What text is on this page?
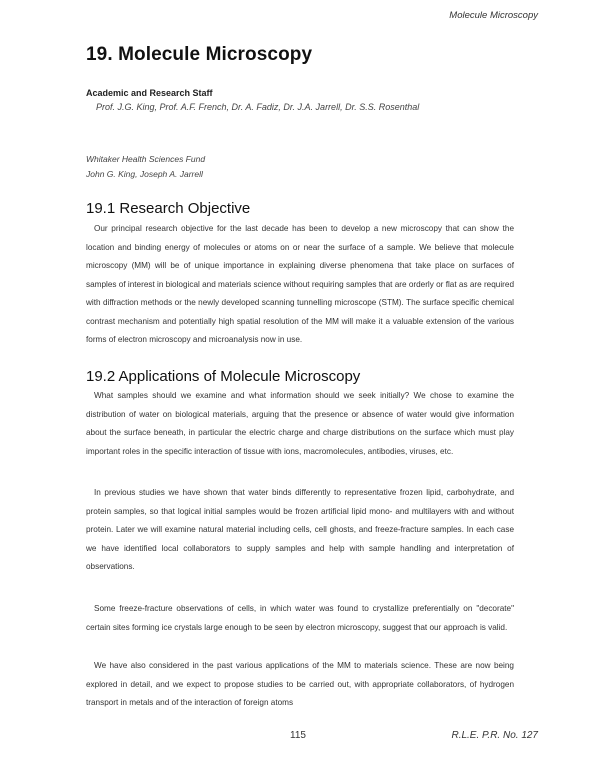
Molecule Microscopy
19. Molecule Microscopy
Academic and Research Staff
Prof. J.G. King, Prof. A.F. French, Dr. A. Fadiz, Dr. J.A. Jarrell, Dr. S.S. Rosenthal
Whitaker Health Sciences Fund
John G. King, Joseph A. Jarrell
19.1 Research Objective

Our principal research objective for the last decade has been to develop a new microscopy that can show the location and binding energy of molecules or atoms on or near the surface of a sample. We believe that molecule microscopy (MM) will be of unique importance in explaining diverse phenomena that take place on surfaces of samples of interest in biological and materials science without requiring samples that are orderly or flat as are required with diffraction methods or the newly developed scanning tunnelling microscope (STM). The surface specific chemical contrast mechanism and potentially high spatial resolution of the MM will make it a valuable extension of the various forms of electron microscopy and microanalysis now in use.

19.2 Applications of Molecule Microscopy

What samples should we examine and what information should we seek initially? We chose to examine the distribution of water on biological materials, arguing that the presence or absence of water would give information about the surface beneath, in particular the electric charge and charge distributions on the surface which must play important roles in the specific interaction of tissue with ions, macromolecules, antibodies, viruses, etc.

In previous studies we have shown that water binds differently to representative frozen lipid, carbohydrate, and protein samples, so that logical initial samples would be frozen artificial lipid mono- and multilayers with and without protein. Later we will examine natural material including cells, cell ghosts, and freeze-fracture samples. In each case we have identified local collaborators to supply samples and help with sample handling and interpretation of observations.

Some freeze-fracture observations of cells, in which water was found to crystallize preferentially on "decorate" certain sites forming ice crystals large enough to be seen by electron microscopy, suggest that our approach is valid.

We have also considered in the past various applications of the MM to materials science. These are now being explored in detail, and we expect to propose studies to be carried out, with appropriate collaborators, of hydrogen transport in metals and of the interaction of foreign atoms

115	R.L.E. P.R. No. 127
